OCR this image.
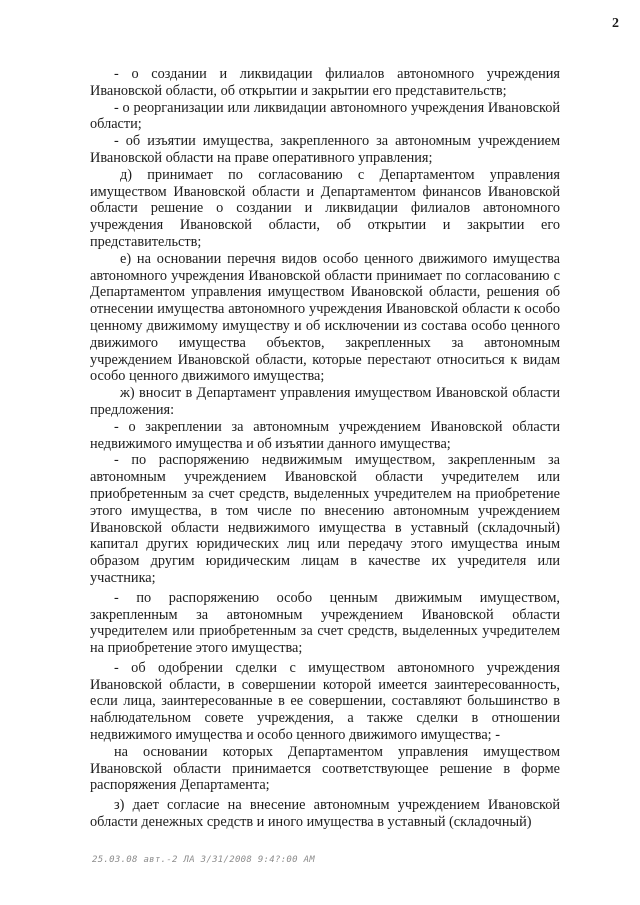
2

- о создании и ликвидации филиалов автономного учреждения Ивановской области, об открытии и закрытии его представительств;

- о реорганизации или ликвидации автономного учреждения Ивановской области;

- об изъятии имущества, закрепленного за автономным учреждением Ивановской области на праве оперативного управления;

д) принимает по согласованию с Департаментом управления имуществом Ивановской области и Департаментом финансов Ивановской области решение о создании и ликвидации филиалов автономного учреждения Ивановской области, об открытии и закрытии его представительств;

е) на основании перечня видов особо ценного движимого имущества автономного учреждения Ивановской области принимает по согласованию с Департаментом управления имуществом Ивановской области, решения об отнесении имущества автономного учреждения Ивановской области к особо ценному движимому имуществу и об исключении из состава особо ценного движимого имущества объектов, закрепленных за автономным учреждением Ивановской области, которые перестают относиться к видам особо ценного движимого имущества;

ж) вносит в Департамент управления имуществом Ивановской области предложения:

- о закреплении за автономным учреждением Ивановской области недвижимого имущества и об изъятии данного имущества;

- по распоряжению недвижимым имуществом, закрепленным за автономным учреждением Ивановской области учредителем или приобретенным за счет средств, выделенных учредителем на приобретение этого имущества, в том числе по внесению автономным учреждением Ивановской области недвижимого имущества в уставный (складочный) капитал других юридических лиц или передачу этого имущества иным образом другим юридическим лицам в качестве их учредителя или участника;

- по распоряжению особо ценным движимым имуществом, закрепленным за автономным учреждением Ивановской области учредителем или приобретенным за счет средств, выделенных учредителем на приобретение этого имущества;

- об одобрении сделки с имуществом автономного учреждения Ивановской области, в совершении которой имеется заинтересованность, если лица, заинтересованные в ее совершении, составляют большинство в наблюдательном совете учреждения, а также сделки в отношении недвижимого имущества и особо ценного движимого имущества; -

на основании которых Департаментом управления имуществом Ивановской области принимается соответствующее решение в форме распоряжения Департамента;

з) дает согласие на внесение автономным учреждением Ивановской области денежных средств и иного имущества в уставный (складочный)

25.03.08 авт.-2 ЛА 3/31/2008 9:4?:00 AM
